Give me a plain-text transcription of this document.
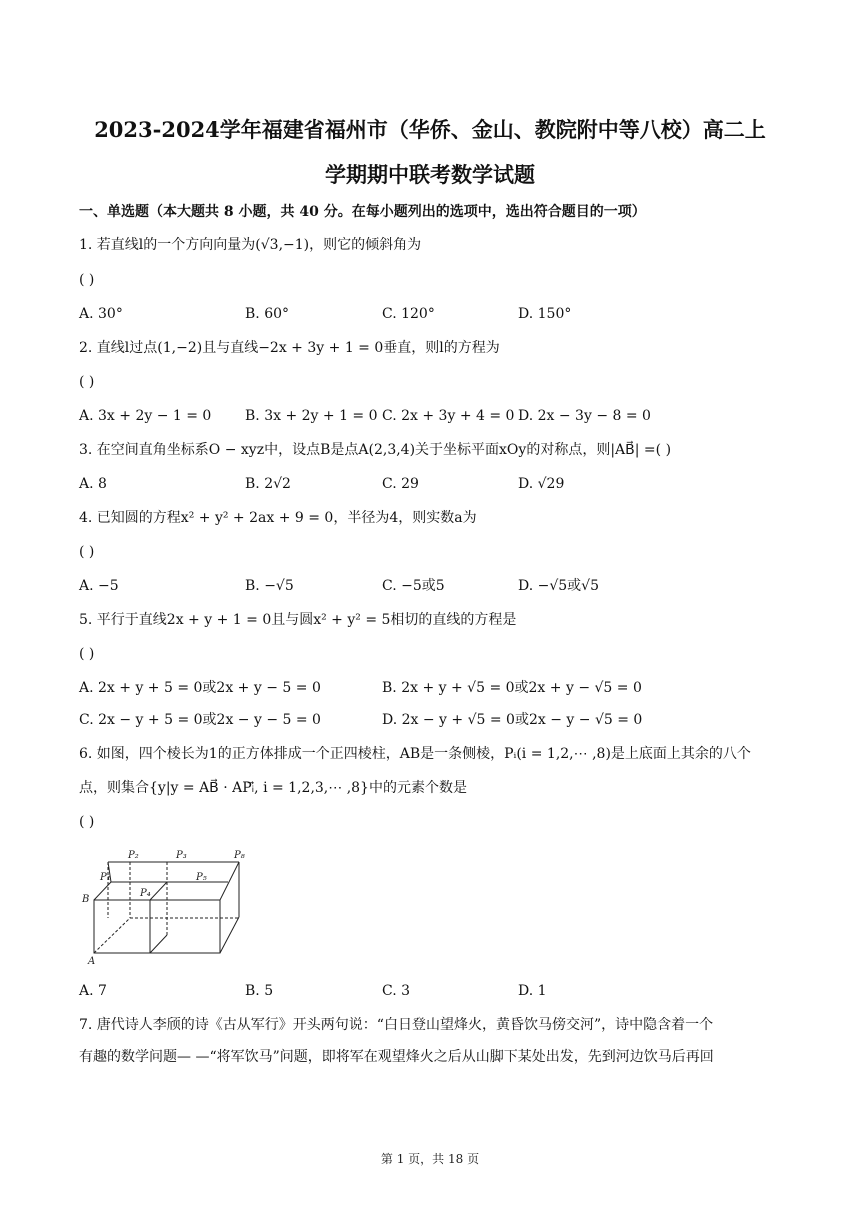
2023-2024学年福建省福州市（华侨、金山、教院附中等八校）高二上
学期期中联考数学试题
一、单选题（本大题共 8 小题，共 40 分。在每小题列出的选项中，选出符合题目的一项）
1. 若直线l的一个方向向量为(√3,−1)，则它的倾斜角为
( )
A. 30°	B. 60°	C. 120°	D. 150°
2. 直线l过点(1,−2)且与直线−2x + 3y + 1 = 0垂直，则l的方程为
( )
A. 3x + 2y − 1 = 0 B. 3x + 2y + 1 = 0 C. 2x + 3y + 4 = 0 D. 2x − 3y − 8 = 0
3. 在空间直角坐标系O − xyz中，设点B是点A(2,3,4)关于坐标平面xOy的对称点，则|AB⃗| =( )
A. 8	B. 2√2	C. 29	D. √29
4. 已知圆的方程x² + y² + 2ax + 9 = 0，半径为4，则实数a为
( )
A. −5	B. −√5	C. −5或5	D. −√5或√5
5. 平行于直线2x + y + 1 = 0且与圆x² + y² = 5相切的直线的方程是
( )
A. 2x + y + 5 = 0或2x + y − 5 = 0	B. 2x + y + √5 = 0或2x + y − √5 = 0
C. 2x − y + 5 = 0或2x − y − 5 = 0	D. 2x − y + √5 = 0或2x − y − √5 = 0
6. 如图，四个棱长为1的正方体排成一个正四棱柱，AB是一条侧棱，Pᵢ(i = 1,2,⋯ ,8)是上底面上其余的八个
点，则集合{y|y = AB⃗ · APᵢ⃗, i = 1,2,3,⋯ ,8}中的元素个数是
( )
B
A
P₁
P₂	P₃
P₄
P₅
P₈
A. 7	B. 5	C. 3	D. 1
7. 唐代诗人李颀的诗《古从军行》开头两句说：“白日登山望烽火，黄昏饮马傍交河”，诗中隐含着一个
有趣的数学问题— —“将军饮马”问题，即将军在观望烽火之后从山脚下某处出发，先到河边饮马后再回
第 1 页，共 18 页
